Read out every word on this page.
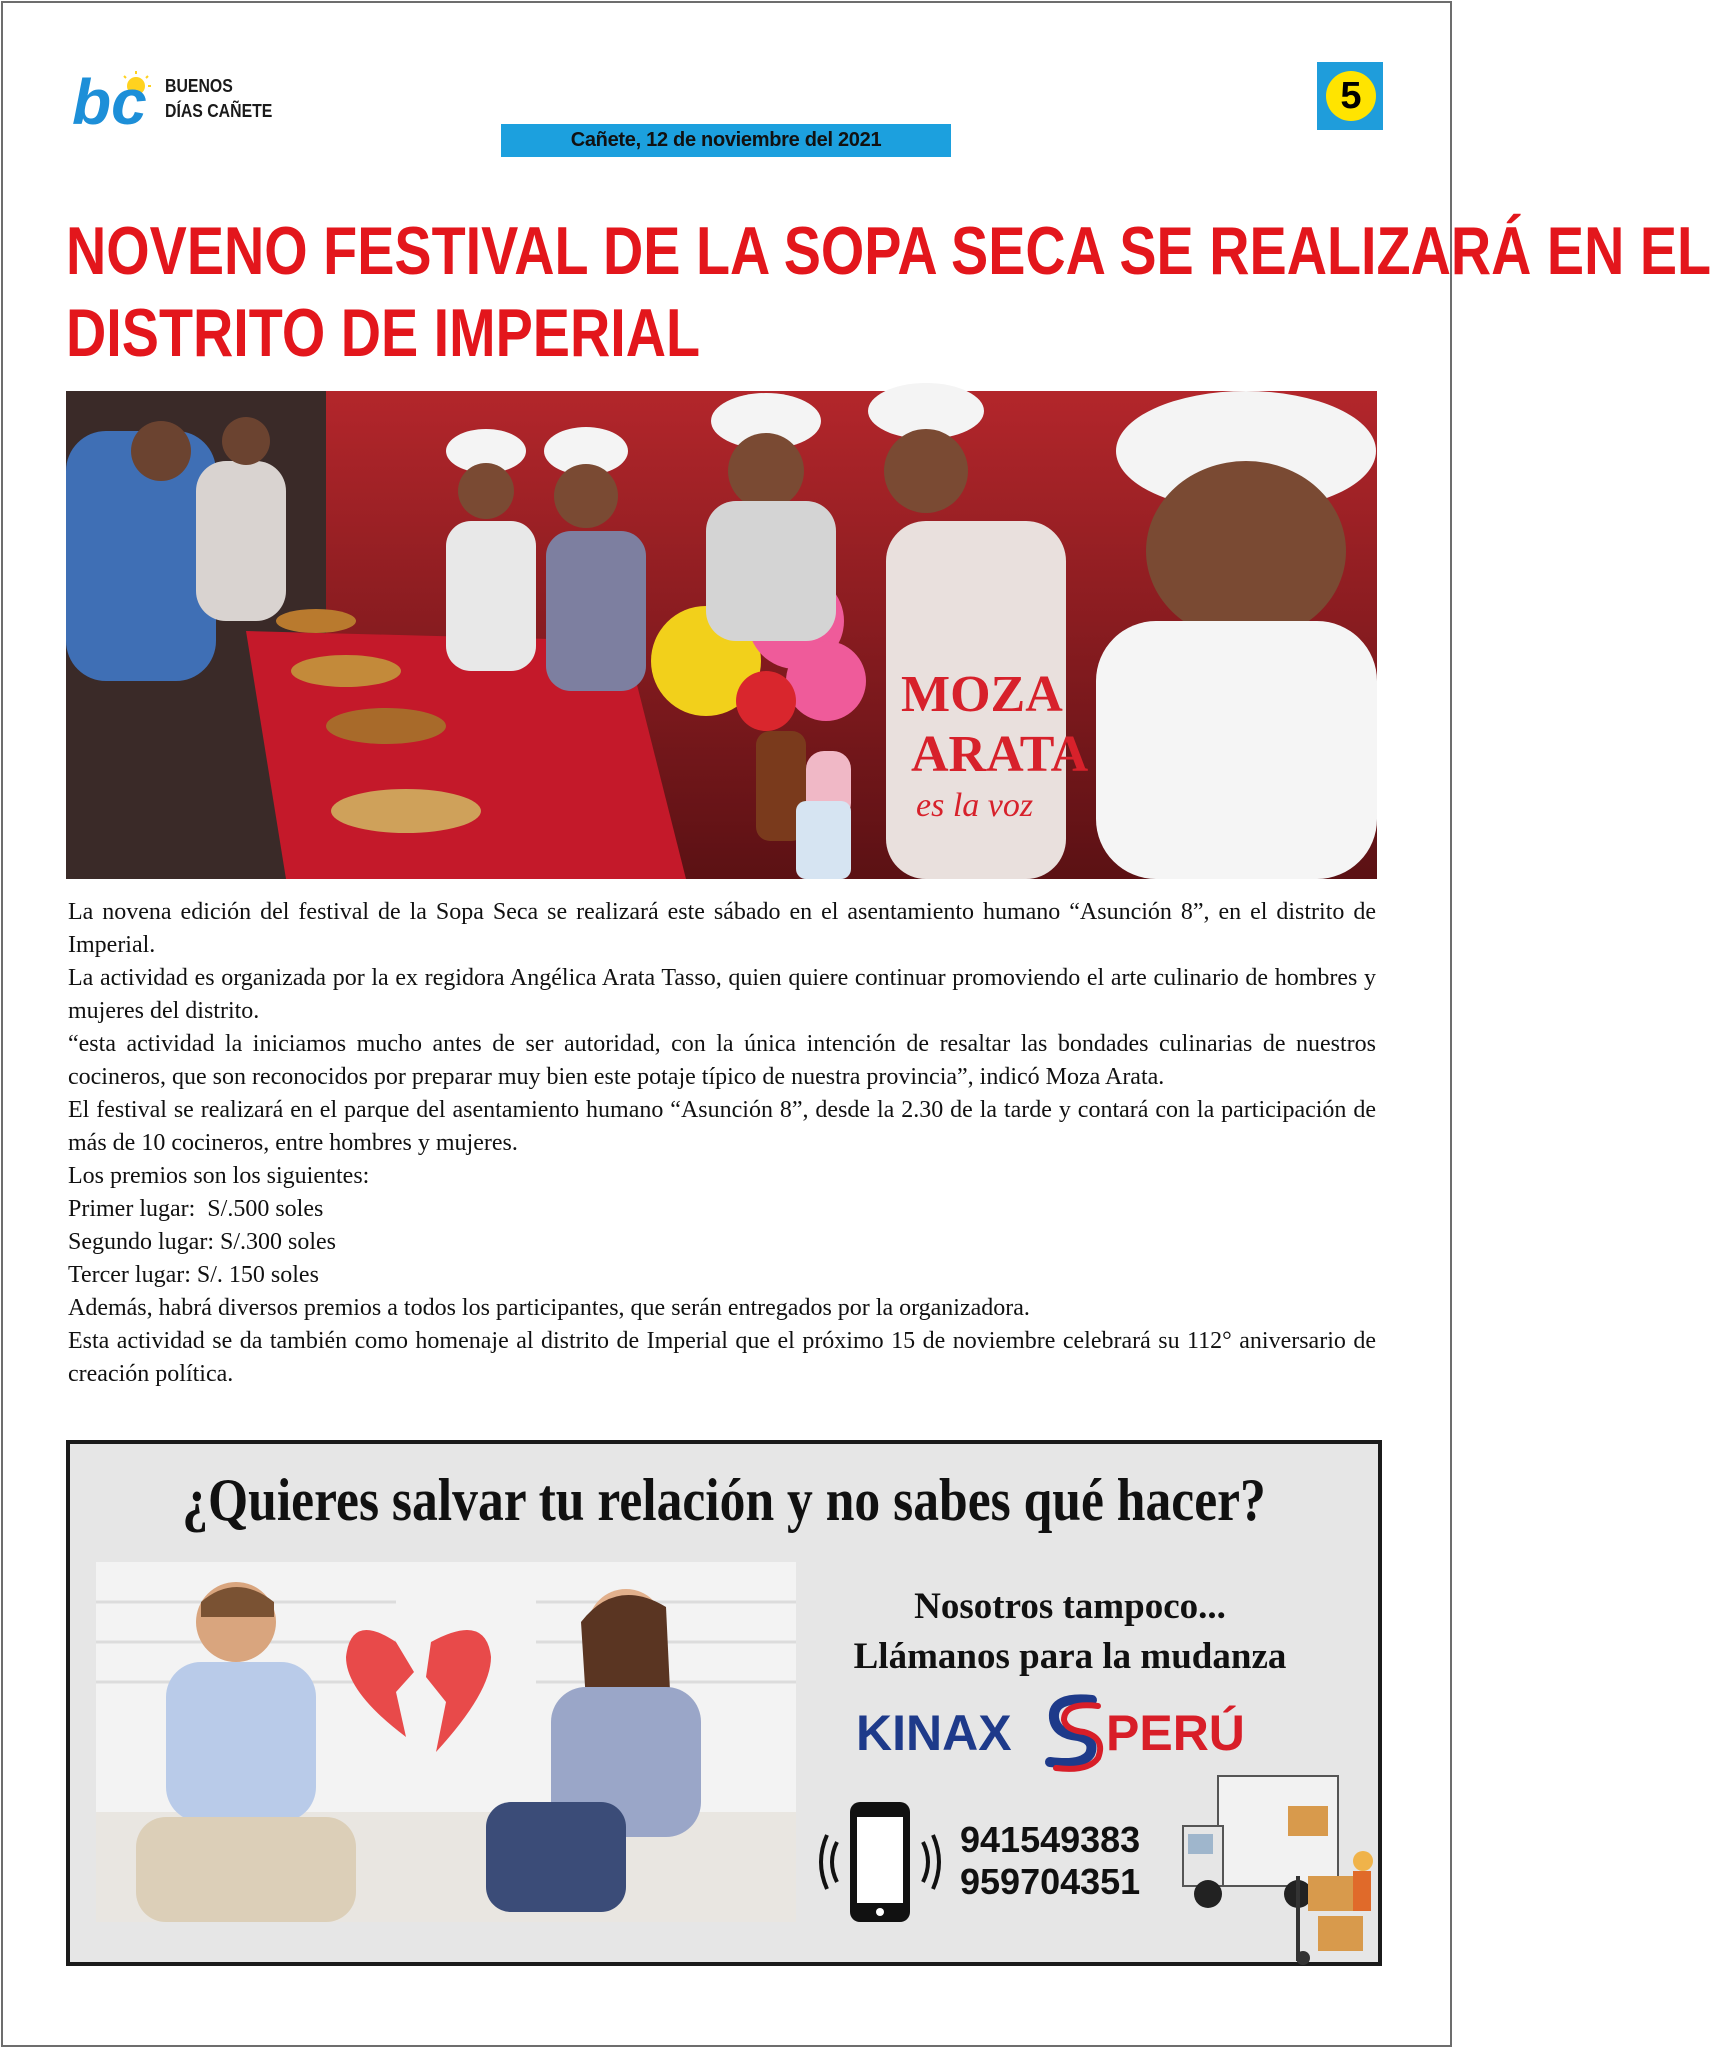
bc BUENOS
DÍAS CAÑETE	5
Cañete, 12 de noviembre del 2021
NOVENO FESTIVAL DE LA SOPA SECA SE REALIZARÁ EN EL
DISTRITO DE IMPERIAL
MOZA
ARATA
es la voz

La novena edición del festival de la Sopa Seca se realizará este sábado en el asentamiento humano “Asunción 8”, en el distrito de Imperial.

La actividad es organizada por la ex regidora Angélica Arata Tasso, quien quiere continuar promoviendo el arte culinario de hombres y mujeres del distrito.

“esta actividad la iniciamos mucho antes de ser autoridad, con la única intención de resaltar las bondades culinarias de nuestros cocineros, que son reconocidos por preparar muy bien este potaje típico de nuestra provincia”, indicó Moza Arata.

El festival se realizará en el parque del asentamiento humano “Asunción 8”, desde la 2.30 de la tarde y contará con la participación de más de 10 cocineros, entre hombres y mujeres.

Los premios son los siguientes:

Primer lugar:  S/.500 soles

Segundo lugar: S/.300 soles

Tercer lugar: S/. 150 soles

Además, habrá diversos premios a todos los participantes, que serán entregados por la organizadora.

Esta actividad se da también como homenaje al distrito de Imperial que el próximo 15 de noviembre celebrará su 112° aniversario de creación política.

¿Quieres salvar tu relación y no sabes qué hacer?
Nosotros tampoco...
Llámanos para la mudanza
KINAX PERÚ
941549383
959704351
